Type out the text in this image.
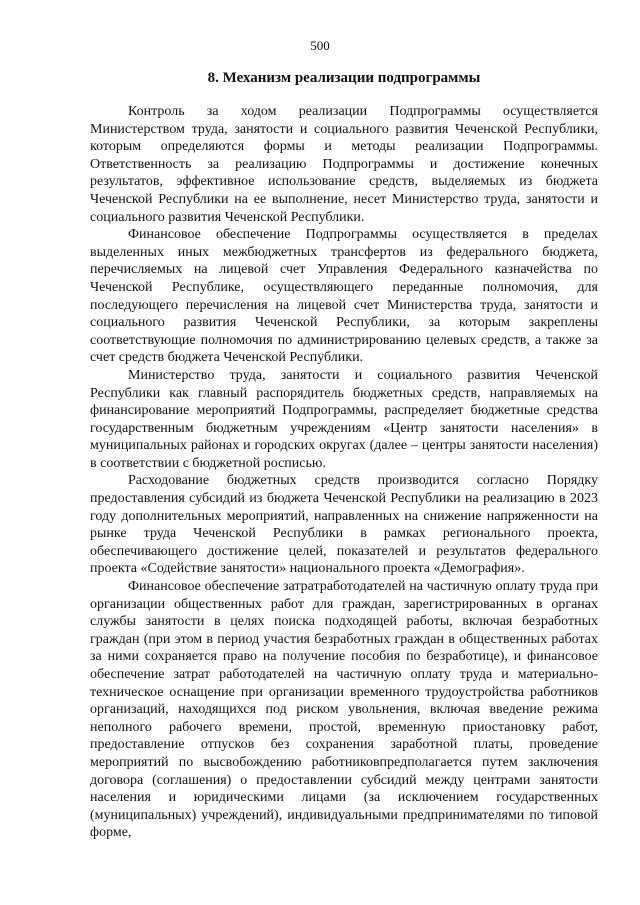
500
8. Механизм реализации подпрограммы

Контроль за ходом реализации Подпрограммы осуществляется Министерством труда, занятости и социального развития Чеченской Республики, которым определяются формы и методы реализации Подпрограммы. Ответственность за реализацию Подпрограммы и достижение конечных результатов, эффективное использование средств, выделяемых из бюджета Чеченской Республики на ее выполнение, несет Министерство труда, занятости и социального развития Чеченской Республики.

Финансовое обеспечение Подпрограммы осуществляется в пределах выделенных иных межбюджетных трансфертов из федерального бюджета, перечисляемых на лицевой счет Управления Федерального казначейства по Чеченской Республике, осуществляющего переданные полномочия, для последующего перечисления на лицевой счет Министерства труда, занятости и социального развития Чеченской Республики, за которым закреплены соответствующие полномочия по администрированию целевых средств, а также за счет средств бюджета Чеченской Республики.

Министерство труда, занятости и социального развития Чеченской Республики как главный распорядитель бюджетных средств, направляемых на финансирование мероприятий Подпрограммы, распределяет бюджетные средства государственным бюджетным учреждениям «Центр занятости населения» в муниципальных районах и городских округах (далее – центры занятости населения) в соответствии с бюджетной росписью.

Расходование бюджетных средств производится согласно Порядку предоставления субсидий из бюджета Чеченской Республики на реализацию в 2023 году дополнительных мероприятий, направленных на снижение напряженности на рынке труда Чеченской Республики в рамках регионального проекта, обеспечивающего достижение целей, показателей и результатов федерального проекта «Содействие занятости» национального проекта «Демография».

Финансовое обеспечение затратработодателей на частичную оплату труда при организации общественных работ для граждан, зарегистрированных в органах службы занятости в целях поиска подходящей работы, включая безработных граждан (при этом в период участия безработных граждан в общественных работах за ними сохраняется право на получение пособия по безработице), и финансовое обеспечение затрат работодателей на частичную оплату труда и материально-техническое оснащение при организации временного трудоустройства работников организаций, находящихся под риском увольнения, включая введение режима неполного рабочего времени, простой, временную приостановку работ, предоставление отпусков без сохранения заработной платы, проведение мероприятий по высвобождению работниковпредполагается путем заключения договора (соглашения) о предоставлении субсидий между центрами занятости населения и юридическими лицами (за исключением государственных (муниципальных) учреждений), индивидуальными предпринимателями по типовой форме,
